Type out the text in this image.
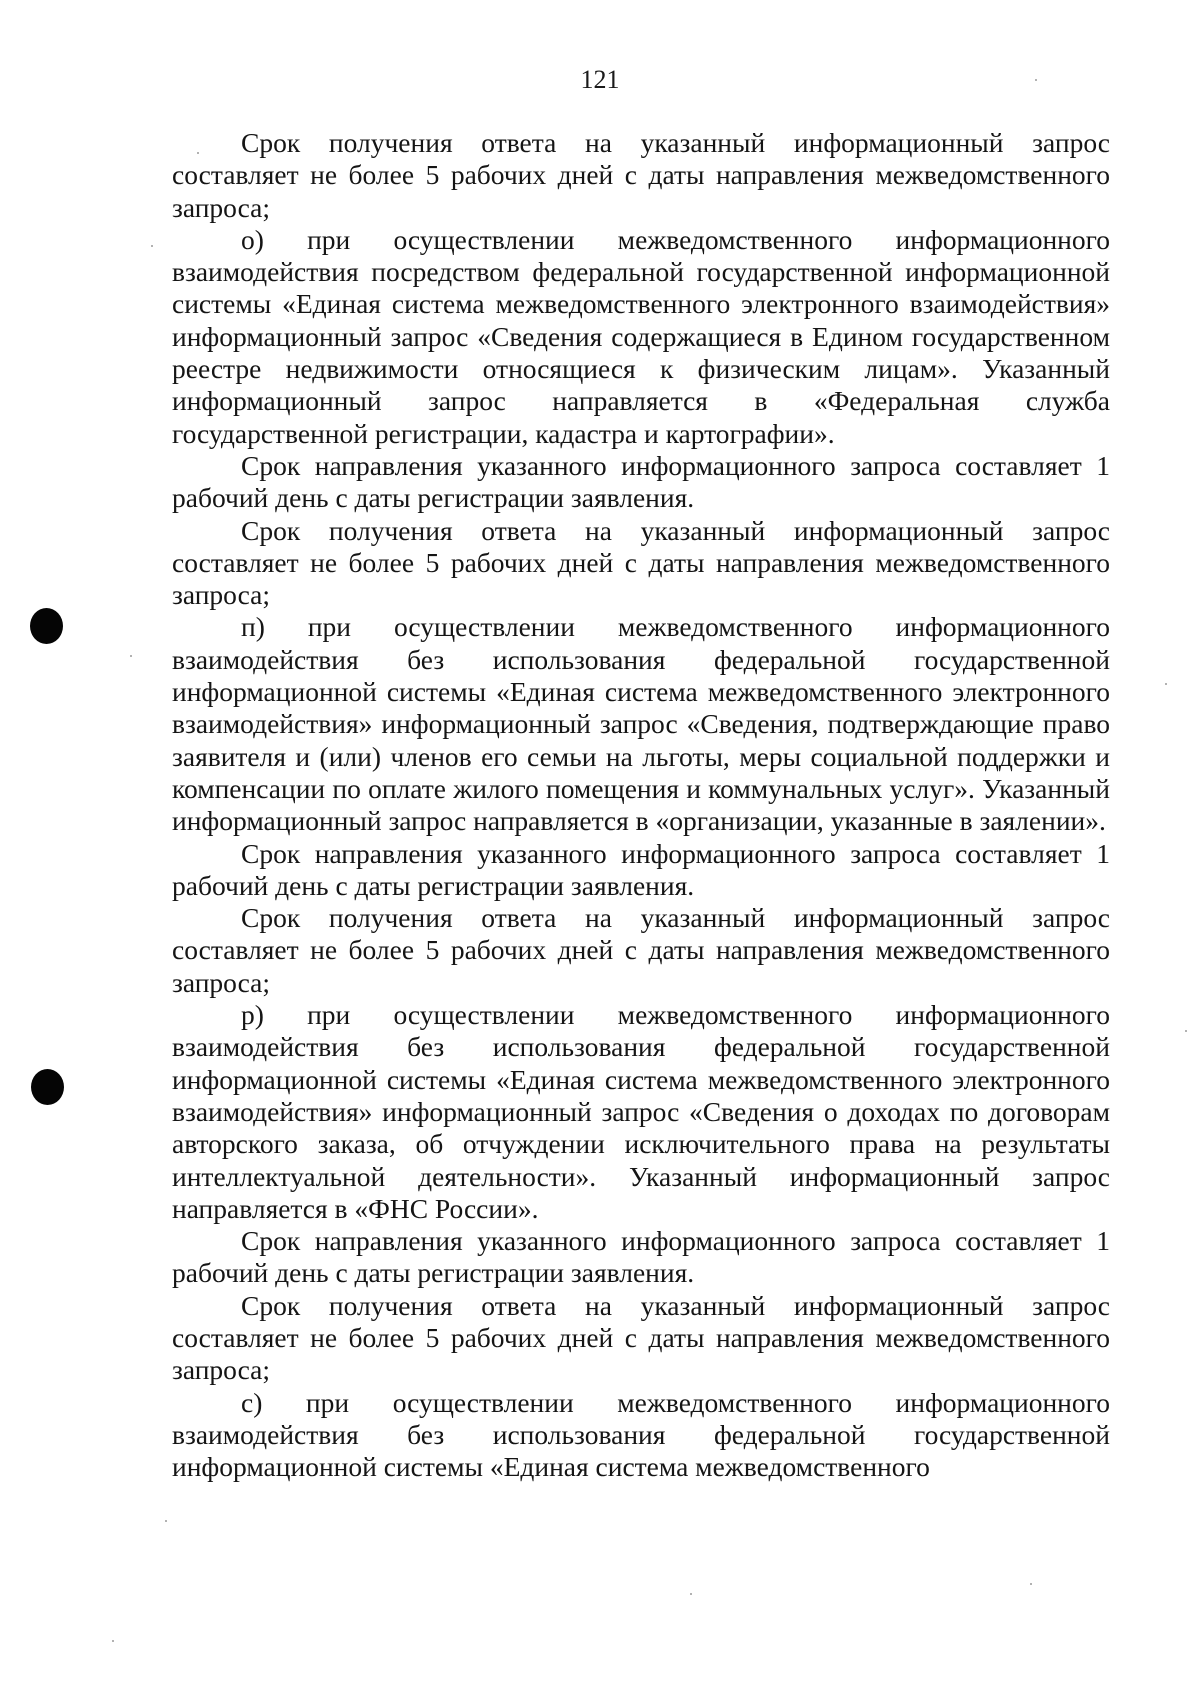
121

Срок получения ответа на указанный информационный запрос составляет не более 5 рабочих дней с даты направления межведомственного запроса;

о) при осуществлении межведомственного информационного взаимодействия посредством федеральной государственной информационной системы «Единая система межведомственного электронного взаимодействия» информационный запрос «Сведения содержащиеся в Едином государственном реестре недвижимости относящиеся к физическим лицам». Указанный информационный запрос направляется в «Федеральная служба государственной регистрации, кадастра и картографии».

Срок направления указанного информационного запроса составляет 1 рабочий день с даты регистрации заявления.

Срок получения ответа на указанный информационный запрос составляет не более 5 рабочих дней с даты направления межведомственного запроса;

п) при осуществлении межведомственного информационного взаимодействия без использования федеральной государственной информационной системы «Единая система межведомственного электронного взаимодействия» информационный запрос «Сведения, подтверждающие право заявителя и (или) членов его семьи на льготы, меры социальной поддержки и компенсации по оплате жилого помещения и коммунальных услуг». Указанный информационный запрос направляется в «организации, указанные в заялении».

Срок направления указанного информационного запроса составляет 1 рабочий день с даты регистрации заявления.

Срок получения ответа на указанный информационный запрос составляет не более 5 рабочих дней с даты направления межведомственного запроса;

р) при осуществлении межведомственного информационного взаимодействия без использования федеральной государственной информационной системы «Единая система межведомственного электронного взаимодействия» информационный запрос «Сведения о доходах по договорам авторского заказа, об отчуждении исключительного права на результаты интеллектуальной деятельности». Указанный информационный запрос направляется в «ФНС России».

Срок направления указанного информационного запроса составляет 1 рабочий день с даты регистрации заявления.

Срок получения ответа на указанный информационный запрос составляет не более 5 рабочих дней с даты направления межведомственного запроса;

с) при осуществлении межведомственного информационного взаимодействия без использования федеральной государственной информационной системы «Единая система межведомственного
